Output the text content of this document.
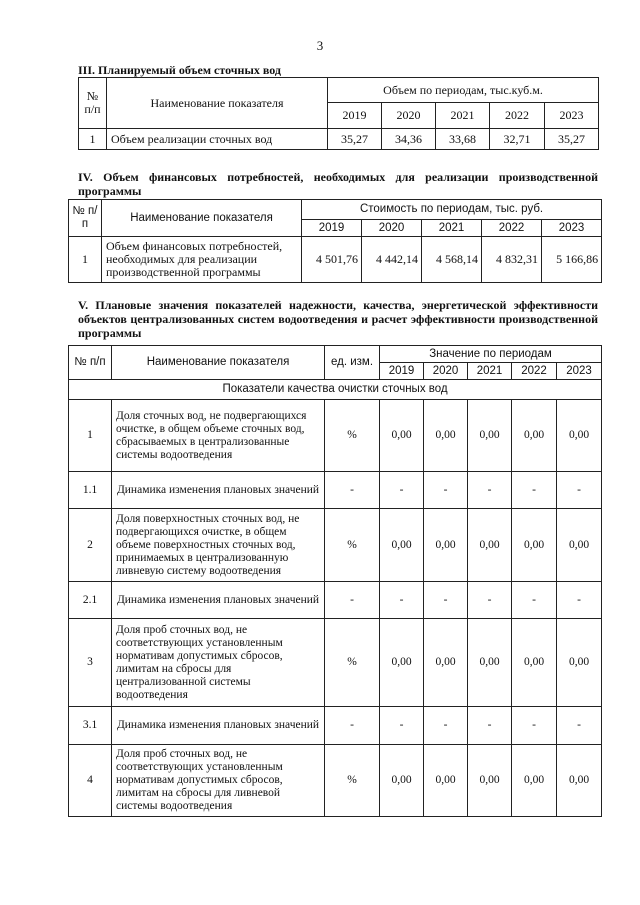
3
III. Планируемый объем сточных вод
№ п/п	Наименование показателя	Объем по периодам, тыс.куб.м.				
		2019	2020	2021	2022	2023
1	Объем реализации сточных вод	35,27	34,36	33,68	32,71	35,27
IV. Объем финансовых потребностей, необходимых для реализации производственной программы
№ п/п	Наименование показателя	Стоимость по периодам, тыс. руб.				
		2019	2020	2021	2022	2023
1	Объем финансовых потребностей, необходимых для реализации производственной программы	4 501,76	4 442,14	4 568,14	4 832,31	5 166,86
V. Плановые значения показателей надежности, качества, энергетической эффективности объектов централизованных систем водоотведения и расчет эффективности производственной программы
№ п/п	Наименование показателя	ед. изм.	Значение по периодам				
			2019	2020	2021	2022	2023
Показатели качества очистки сточных вод							
1	Доля сточных вод, не подвергающихся очистке, в общем объеме сточных вод, сбрасываемых в централизованные системы водоотведения	%	0,00	0,00	0,00	0,00	0,00
1.1	Динамика изменения плановых значений	-	-	-	-	-	-
2	Доля поверхностных сточных вод, не подвергающихся очистке, в общем объеме поверхностных сточных вод, принимаемых в централизованную ливневую систему водоотведения	%	0,00	0,00	0,00	0,00	0,00
2.1	Динамика изменения плановых значений	-	-	-	-	-	-
3	Доля проб сточных вод, не соответствующих установленным нормативам допустимых сбросов, лимитам на сбросы для централизованной системы водоотведения	%	0,00	0,00	0,00	0,00	0,00
3.1	Динамика изменения плановых значений	-	-	-	-	-	-
4	Доля проб сточных вод, не соответствующих установленным нормативам допустимых сбросов, лимитам на сбросы для ливневой системы водоотведения	%	0,00	0,00	0,00	0,00	0,00
